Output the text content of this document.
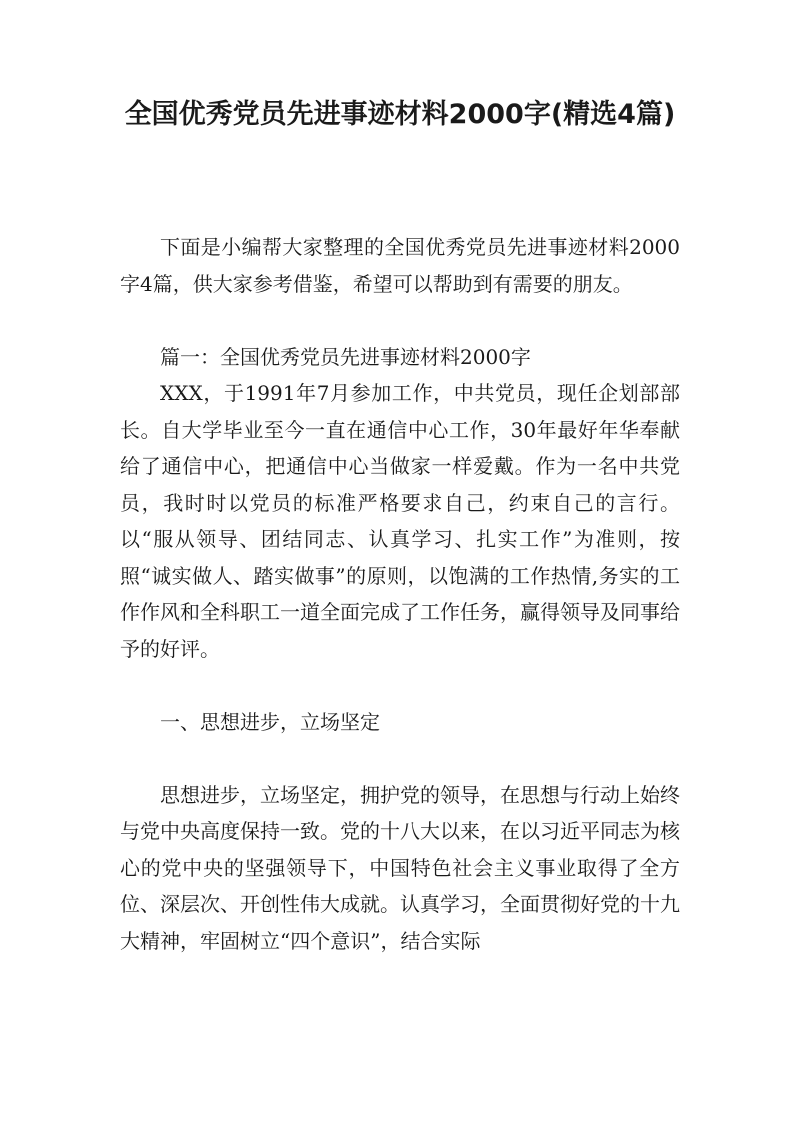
全国优秀党员先进事迹材料2000字(精选4篇)

下面是小编帮大家整理的全国优秀党员先进事迹材料2000字4篇，供大家参考借鉴，希望可以帮助到有需要的朋友。

篇一：全国优秀党员先进事迹材料2000字

XXX，于1991年7月参加工作，中共党员，现任企划部部长。自大学毕业至今一直在通信中心工作，30年最好年华奉献给了通信中心，把通信中心当做家一样爱戴。作为一名中共党员，我时时以党员的标准严格要求自己，约束自己的言行。以“服从领导、团结同志、认真学习、扎实工作”为准则，按照“诚实做人、踏实做事”的原则，以饱满的工作热情,务实的工作作风和全科职工一道全面完成了工作任务，赢得领导及同事给予的好评。

一、思想进步，立场坚定

思想进步，立场坚定，拥护党的领导，在思想与行动上始终与党中央高度保持一致。党的十八大以来，在以习近平同志为核心的党中央的坚强领导下，中国特色社会主义事业取得了全方位、深层次、开创性伟大成就。认真学习，全面贯彻好党的十九大精神，牢固树立“四个意识”，结合实际
